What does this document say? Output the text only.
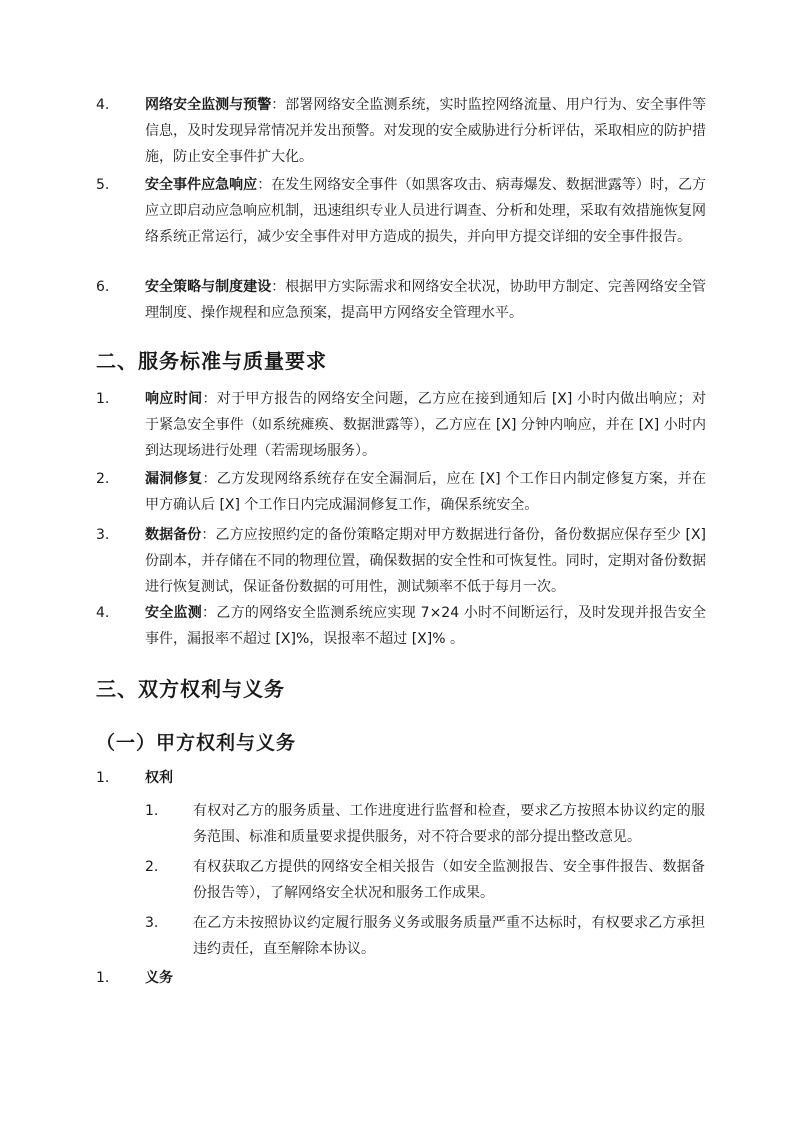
4.	网络安全监测与预警：部署网络安全监测系统，实时监控网络流量、用户行为、安全事件等信息，及时发现异常情况并发出预警。对发现的安全威胁进行分析评估，采取相应的防护措施，防止安全事件扩大化。
5.	安全事件应急响应：在发生网络安全事件（如黑客攻击、病毒爆发、数据泄露等）时，乙方应立即启动应急响应机制，迅速组织专业人员进行调查、分析和处理，采取有效措施恢复网络系统正常运行，减少安全事件对甲方造成的损失，并向甲方提交详细的安全事件报告。
6.	安全策略与制度建设：根据甲方实际需求和网络安全状况，协助甲方制定、完善网络安全管理制度、操作规程和应急预案，提高甲方网络安全管理水平。
二、服务标准与质量要求
1.	响应时间：对于甲方报告的网络安全问题，乙方应在接到通知后 [X] 小时内做出响应；对于紧急安全事件（如系统瘫痪、数据泄露等），乙方应在 [X] 分钟内响应，并在 [X] 小时内到达现场进行处理（若需现场服务）。
2.	漏洞修复：乙方发现网络系统存在安全漏洞后，应在 [X] 个工作日内制定修复方案，并在甲方确认后 [X] 个工作日内完成漏洞修复工作，确保系统安全。
3.	数据备份：乙方应按照约定的备份策略定期对甲方数据进行备份，备份数据应保存至少 [X] 份副本，并存储在不同的物理位置，确保数据的安全性和可恢复性。同时，定期对备份数据进行恢复测试，保证备份数据的可用性，测试频率不低于每月一次。
4.	安全监测：乙方的网络安全监测系统应实现 7×24 小时不间断运行，及时发现并报告安全事件，漏报率不超过 [X]%，误报率不超过 [X]% 。
三、双方权利与义务
（一）甲方权利与义务
1.	权利
1. 有权对乙方的服务质量、工作进度进行监督和检查，要求乙方按照本协议约定的服务范围、标准和质量要求提供服务，对不符合要求的部分提出整改意见。
2. 有权获取乙方提供的网络安全相关报告（如安全监测报告、安全事件报告、数据备份报告等），了解网络安全状况和服务工作成果。
3. 在乙方未按照协议约定履行服务义务或服务质量严重不达标时，有权要求乙方承担违约责任，直至解除本协议。
1.	义务
